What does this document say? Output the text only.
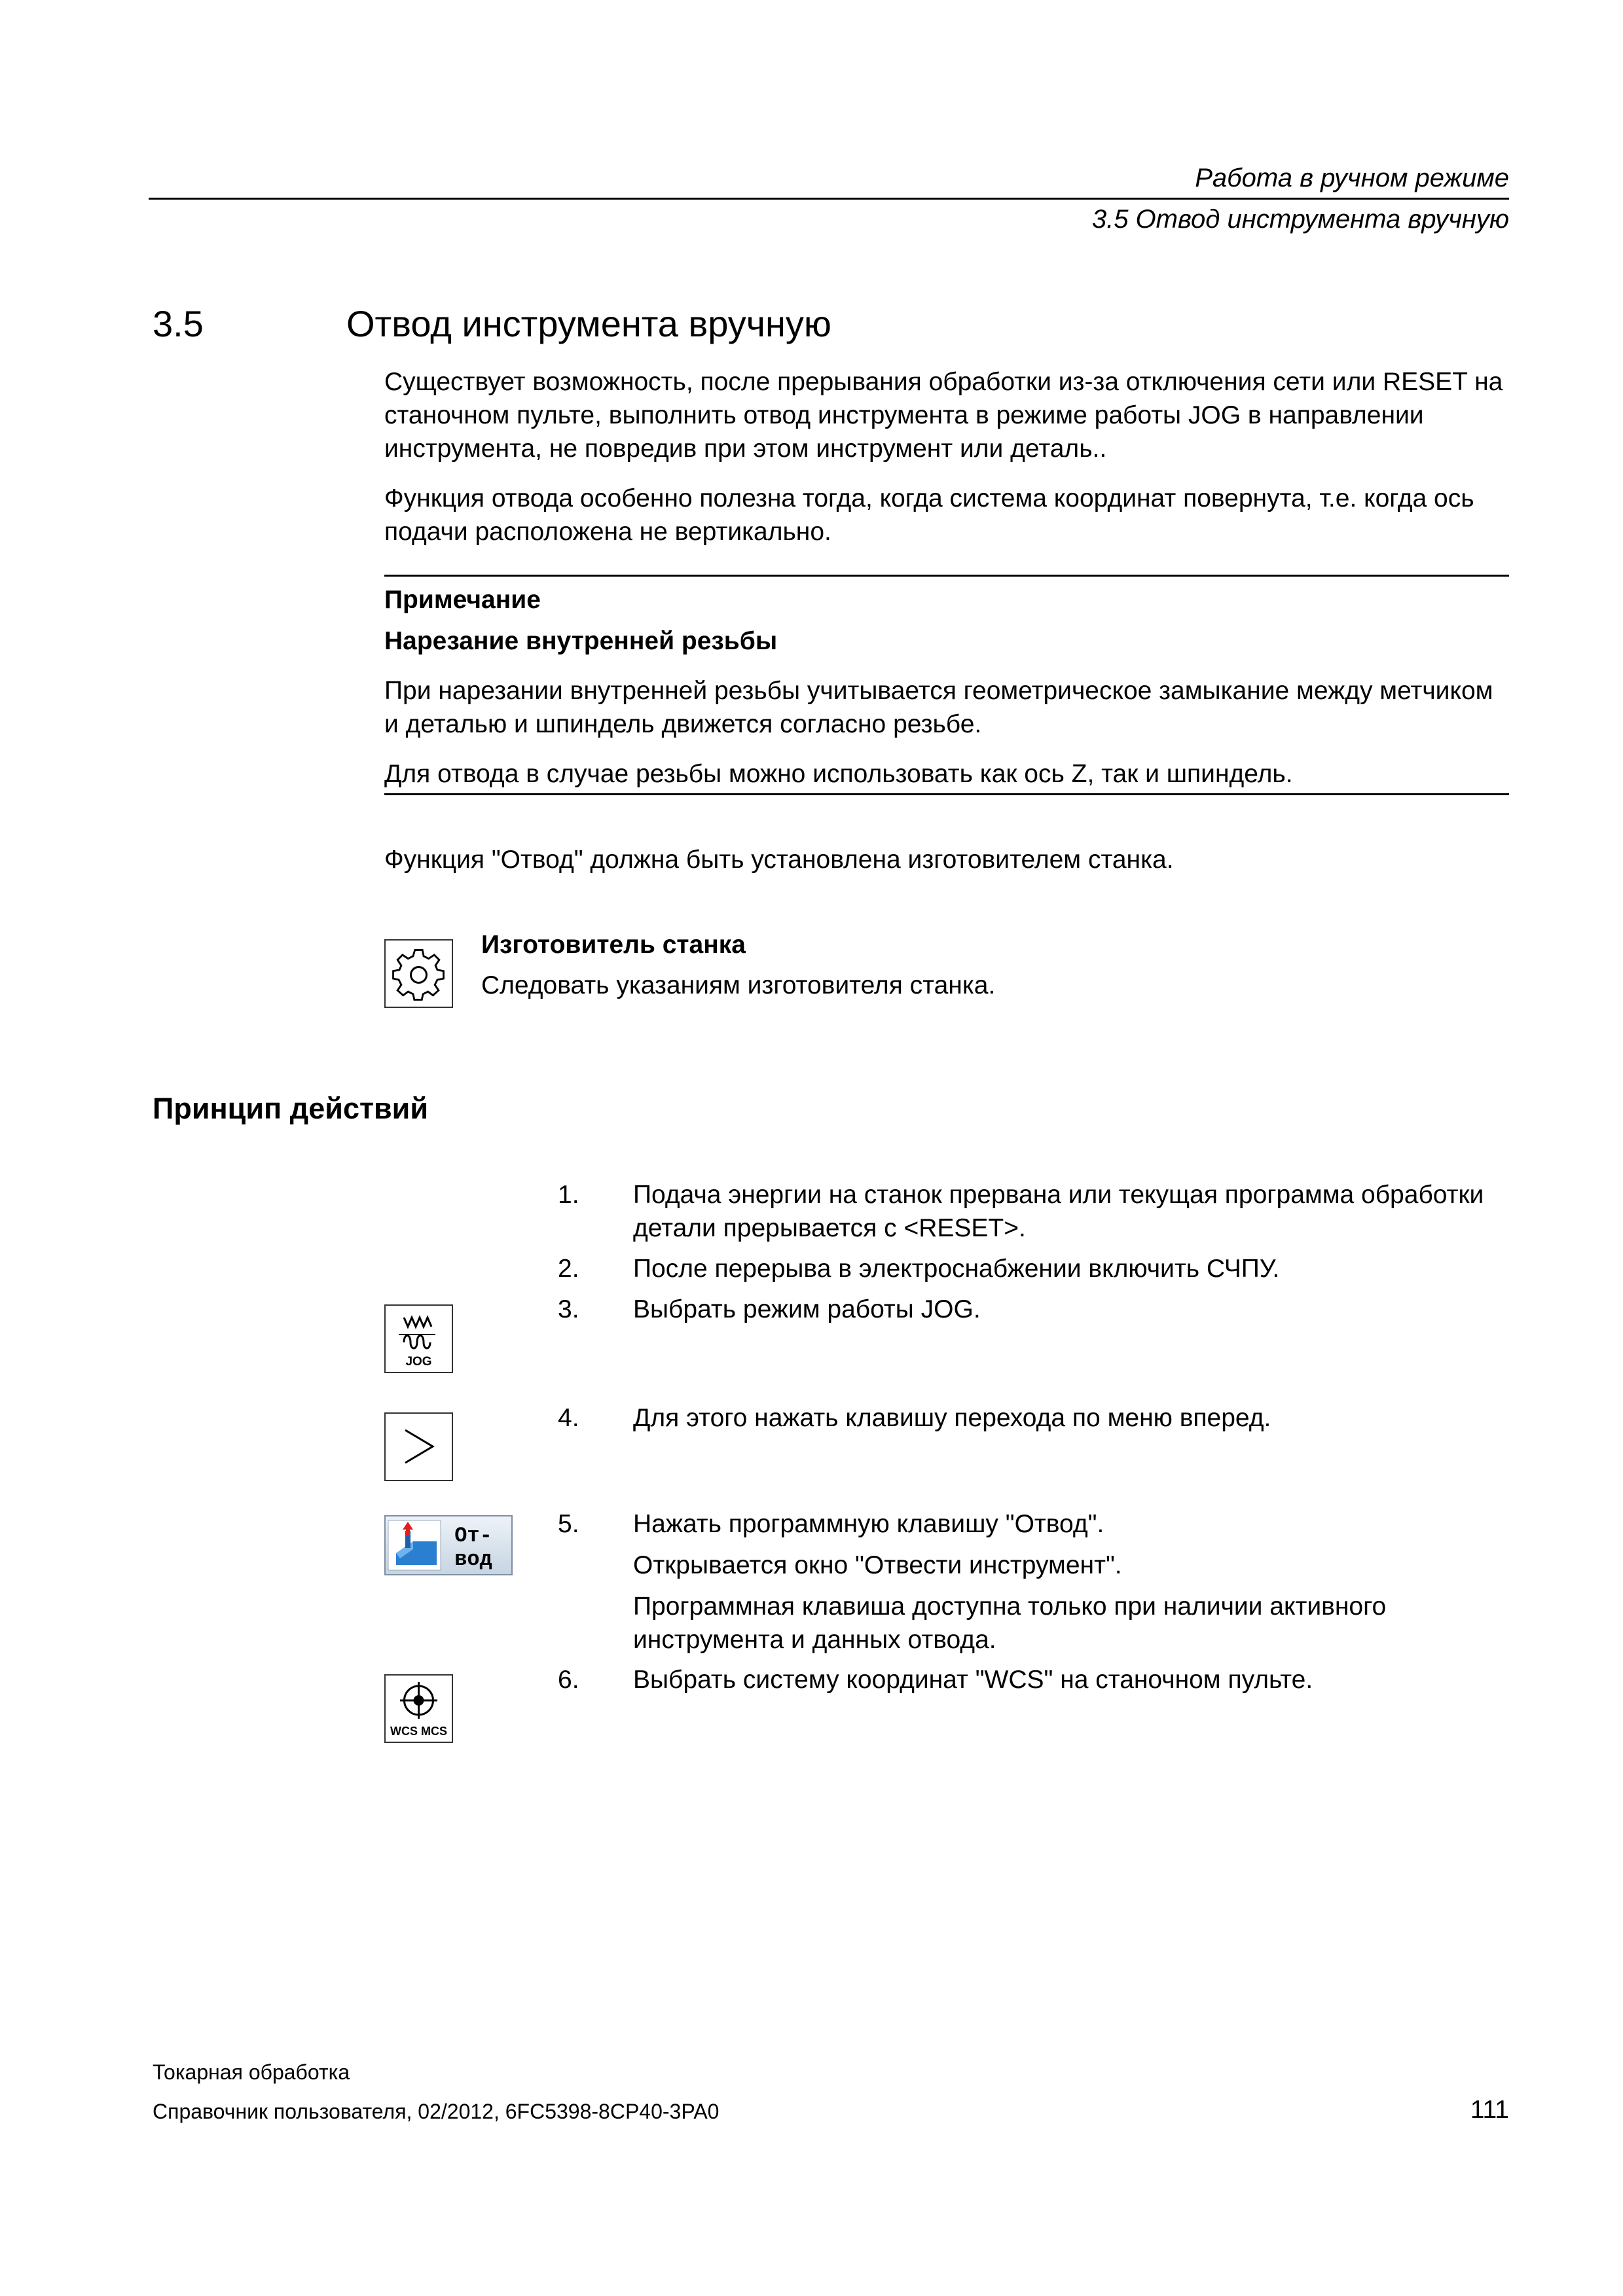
Работа в ручном режиме
3.5 Отвод инструмента вручную
3.5	Отвод инструмента вручную

Существует возможность, после прерывания обработки из-за отключения сети или RESET на станочном пульте, выполнить отвод инструмента в режиме работы JOG в направлении инструмента, не повредив при этом инструмент или деталь..

Функция отвода особенно полезна тогда, когда система координат повернута, т.е. когда ось подачи расположена не вертикально.

Примечание
Нарезание внутренней резьбы

При нарезании внутренней резьбы учитывается геометрическое замыкание между метчиком и деталью и шпиндель движется согласно резьбе.

Для отвода в случае резьбы можно использовать как ось Z, так и шпиндель.

Функция "Отвод" должна быть установлена изготовителем станка.
Изготовитель станка
Следовать указаниям изготовителя станка.
Принцип действий
1. Подача энергии на станок прервана или текущая программа обработки детали прерывается с <RESET>.
2. После перерыва в электроснабжении включить СЧПУ.
3. Выбрать режим работы JOG.
JOG
4. Для этого нажать клавишу перехода по меню вперед.
5. Нажать программную клавишу "Отвод".
Открывается окно "Отвести инструмент".
Программная клавиша доступна только при наличии активного инструмента и данных отвода.
От-
вод
6. Выбрать систему координат "WCS" на станочном пульте.
WCS MCS
Токарная обработка
Справочник пользователя, 02/2012, 6FC5398-8CP40-3PA0	111
